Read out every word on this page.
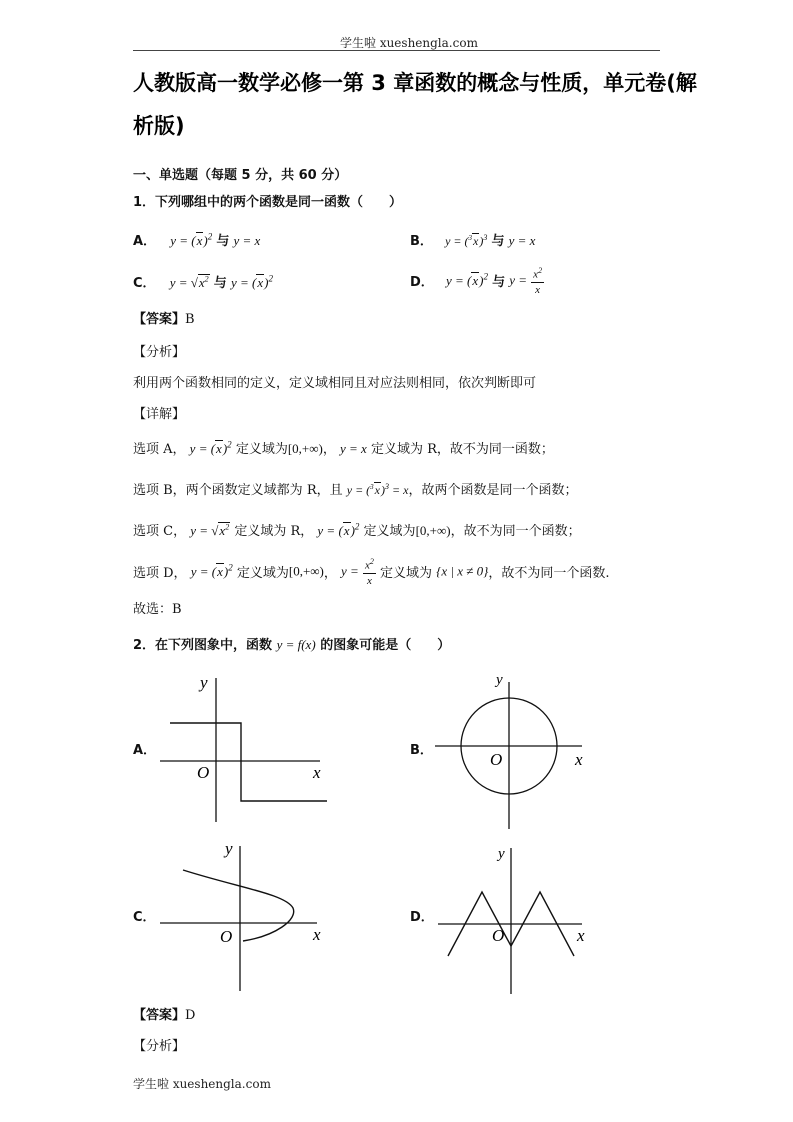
学生啦 xueshengla.com
人教版高一数学必修一第 3 章函数的概念与性质，单元卷(解
析版)
一、单选题（每题 5 分，共 60 分）
1．下列哪组中的两个函数是同一函数（　　）
A． $y = (x)^2$ 与 y = x	B． $y = (^3x)^3$ 与 y = x
C． $y = √x^2$ 与 $y = (x)^2$	D． $y = (x)^2$ 与 $y = \frac{x^2}{x}$
【答案】B
【分析】
利用两个函数相同的定义，定义域相同且对应法则相同，依次判断即可
【详解】
选项 A， $y = (x)^2$ 定义域为[0,+∞)， y = x 定义域为 R，故不为同一函数；
选项 B，两个函数定义域都为 R，且 $y = (^3x)^3 = x$，故两个函数是同一个函数；
选项 C， $y = √x^2$ 定义域为 R， $y = (x)^2$ 定义域为[0,+∞)，故不为同一个函数；
选项 D， $y = (x)^2$ 定义域为[0,+∞)， $y = \frac{x^2}{x}$ 定义域为 {x | x ≠ 0}，故不为同一个函数.
故选：B
2．在下列图象中，函数 y = f(x) 的图象可能是（　　）
A．	B．
C．	D．
y
x
O
y
x
O
y
x
O
y
x
O
【答案】D
【分析】
学生啦 xueshengla.com
